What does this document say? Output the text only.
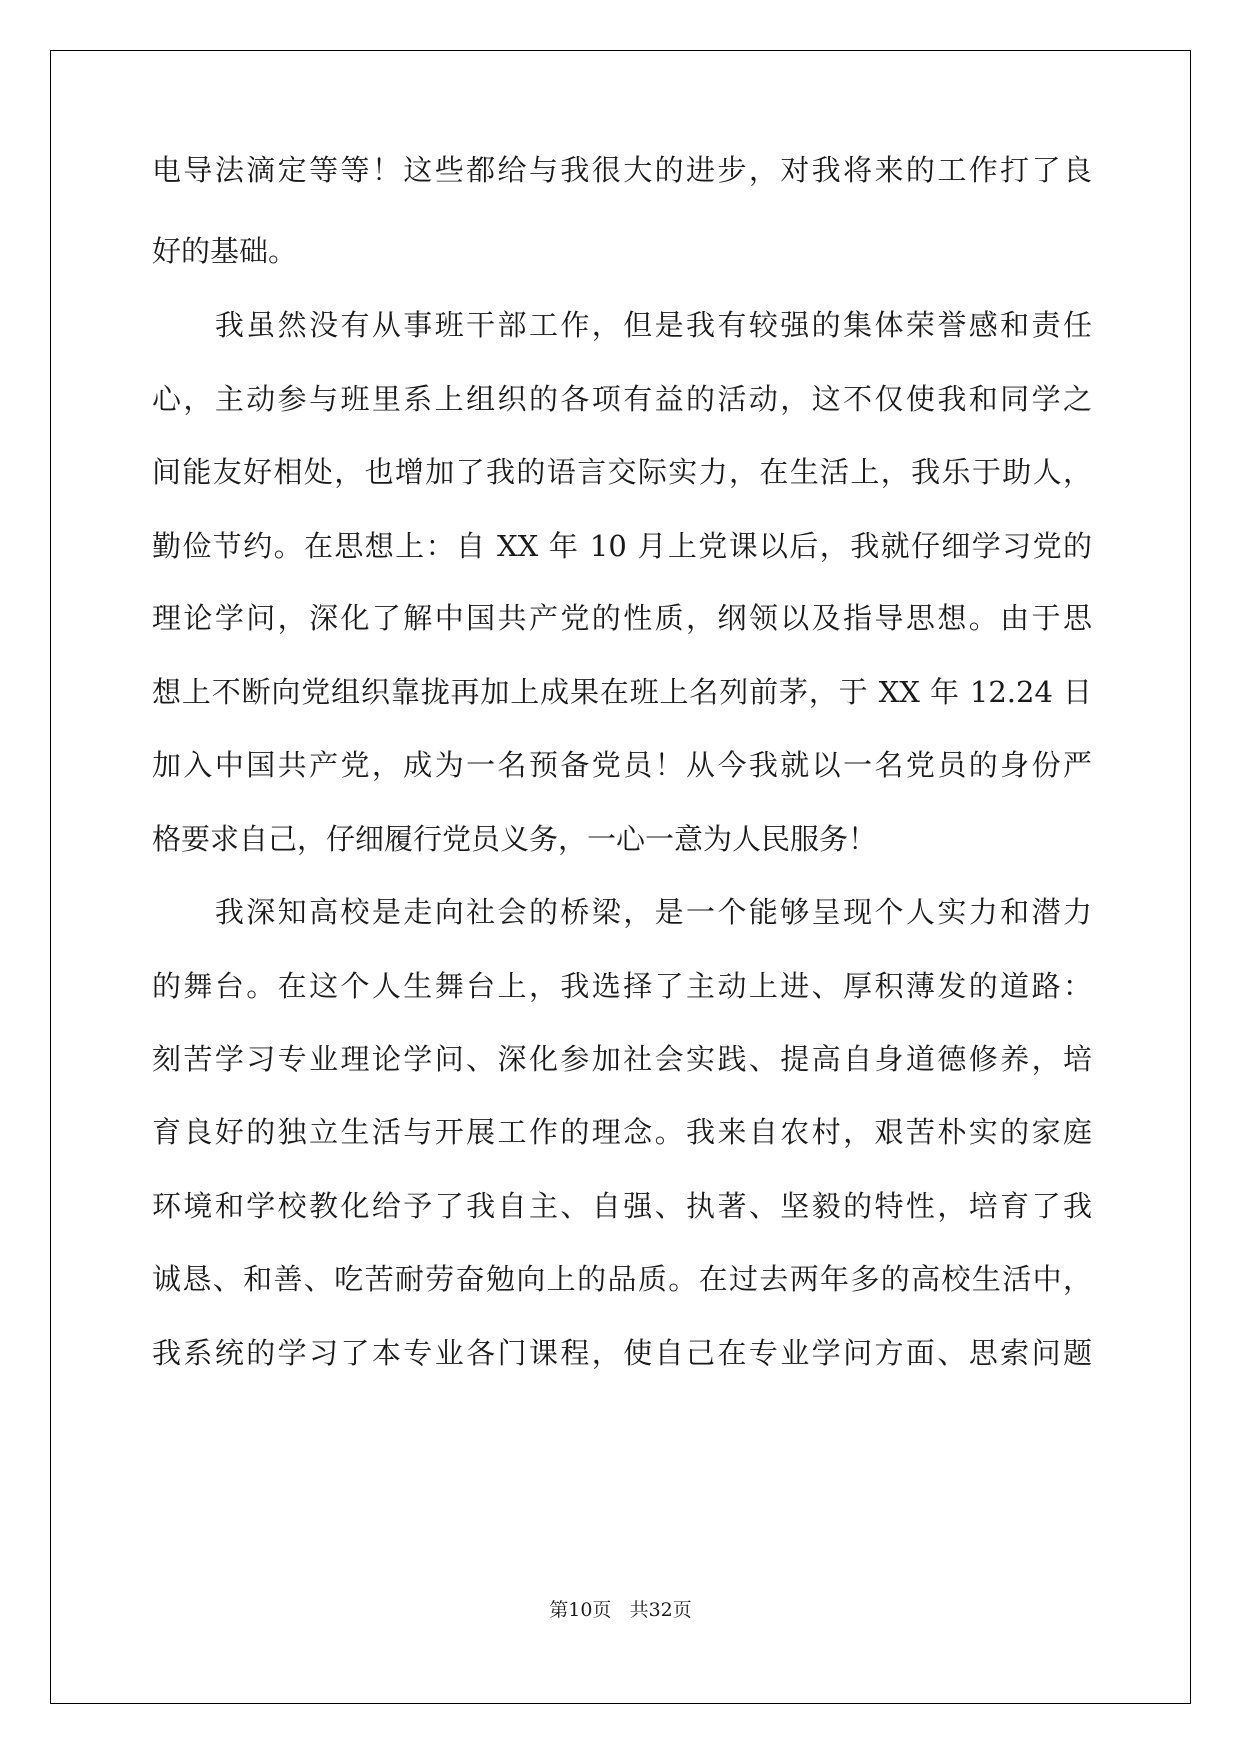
电导法滴定等等！这些都给与我很大的进步，对我将来的工作打了良

好的基础。

　　我虽然没有从事班干部工作，但是我有较强的集体荣誉感和责任

心，主动参与班里系上组织的各项有益的活动，这不仅使我和同学之

间能友好相处，也增加了我的语言交际实力，在生活上，我乐于助人，

勤俭节约。在思想上：自 XX 年 10 月上党课以后，我就仔细学习党的

理论学问，深化了解中国共产党的性质，纲领以及指导思想。由于思

想上不断向党组织靠拢再加上成果在班上名列前茅，于 XX 年 12.24 日

加入中国共产党，成为一名预备党员！从今我就以一名党员的身份严

格要求自己，仔细履行党员义务，一心一意为人民服务！

　　我深知高校是走向社会的桥梁，是一个能够呈现个人实力和潜力

的舞台。在这个人生舞台上，我选择了主动上进、厚积薄发的道路：

刻苦学习专业理论学问、深化参加社会实践、提高自身道德修养，培

育良好的独立生活与开展工作的理念。我来自农村，艰苦朴实的家庭

环境和学校教化给予了我自主、自强、执著、坚毅的特性，培育了我

诚恳、和善、吃苦耐劳奋勉向上的品质。在过去两年多的高校生活中，

我系统的学习了本专业各门课程，使自己在专业学问方面、思索问题

第10页 共32页
